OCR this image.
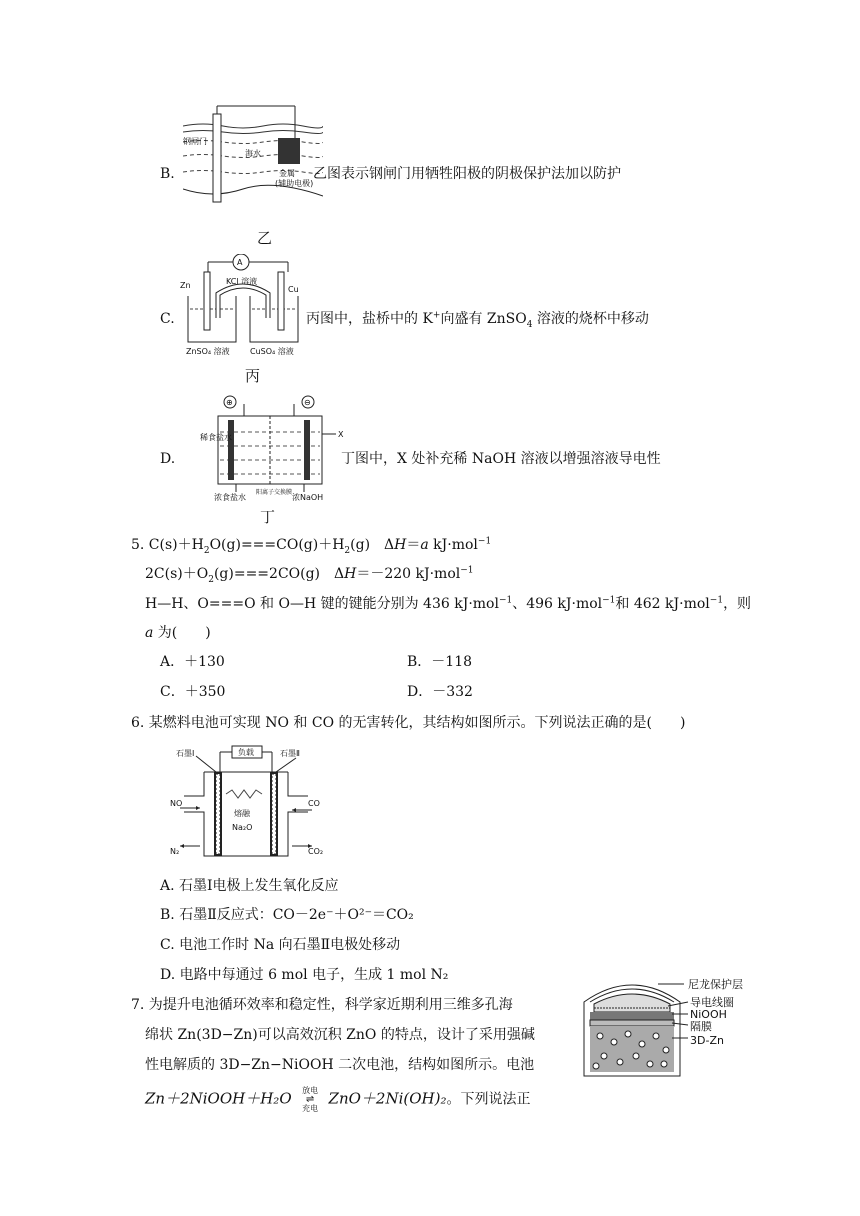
钢闸门
海水
金属
(辅助电极)
B.	乙图表示钢闸门用牺牲阳极的阴极保护法加以防护
乙
A
KCl 溶液
Zn	Cu
ZnSO₄ 溶液	CuSO₄ 溶液
C.	丙图中，盐桥中的 K+向盛有 ZnSO$_4$ 溶液的烧杯中移动
丙
⊕	⊖
X
稀食盐水
浓食盐水
阳离子交换膜
浓NaOH
D.	丁图中，X 处补充稀 NaOH 溶液以增强溶液导电性
丁
5. $C(s)+H_2O(g)===CO(g)+H_2(g)$　ΔH＝a kJ·mol$^{-1}$
$2C(s)+O_2(g)===2CO(g)$　ΔH＝－220 kJ·mol$^{-1}$
H—H、O===O 和 O—H 键的键能分别为 436 kJ·mol$^{-1}$、496 kJ·mol$^{-1}$和 462 kJ·mol$^{-1}$，则
a 为(　　)
A．＋130	B．－118
C．＋350	D．－332
6. 某燃料电池可实现 NO 和 CO 的无害转化，其结构如图所示。下列说法正确的是(　　)
负载
石墨Ⅰ	石墨Ⅱ
熔融
Na₂O
NO
N₂
CO
CO₂
A. 石墨Ⅰ电极上发生氧化反应
B. 石墨Ⅱ反应式：CO－2e⁻＋O²⁻＝CO₂
C. 电池工作时 Na 向石墨Ⅱ电极处移动
D. 电路中每通过 6 mol 电子，生成 1 mol N₂
7. 为提升电池循环效率和稳定性，科学家近期利用三维多孔海
绵状 Zn(3D−Zn)可以高效沉积 ZnO 的特点，设计了采用强碱
性电解质的 3D−Zn−NiOOH 二次电池，结构如图所示。电池
Zn＋2NiOOH＋H₂O	放电
⇌
充电
ZnO＋2Ni(OH)₂。下列说法正
尼龙保护层
导电线圈
NiOOH
隔膜
3D-Zn
